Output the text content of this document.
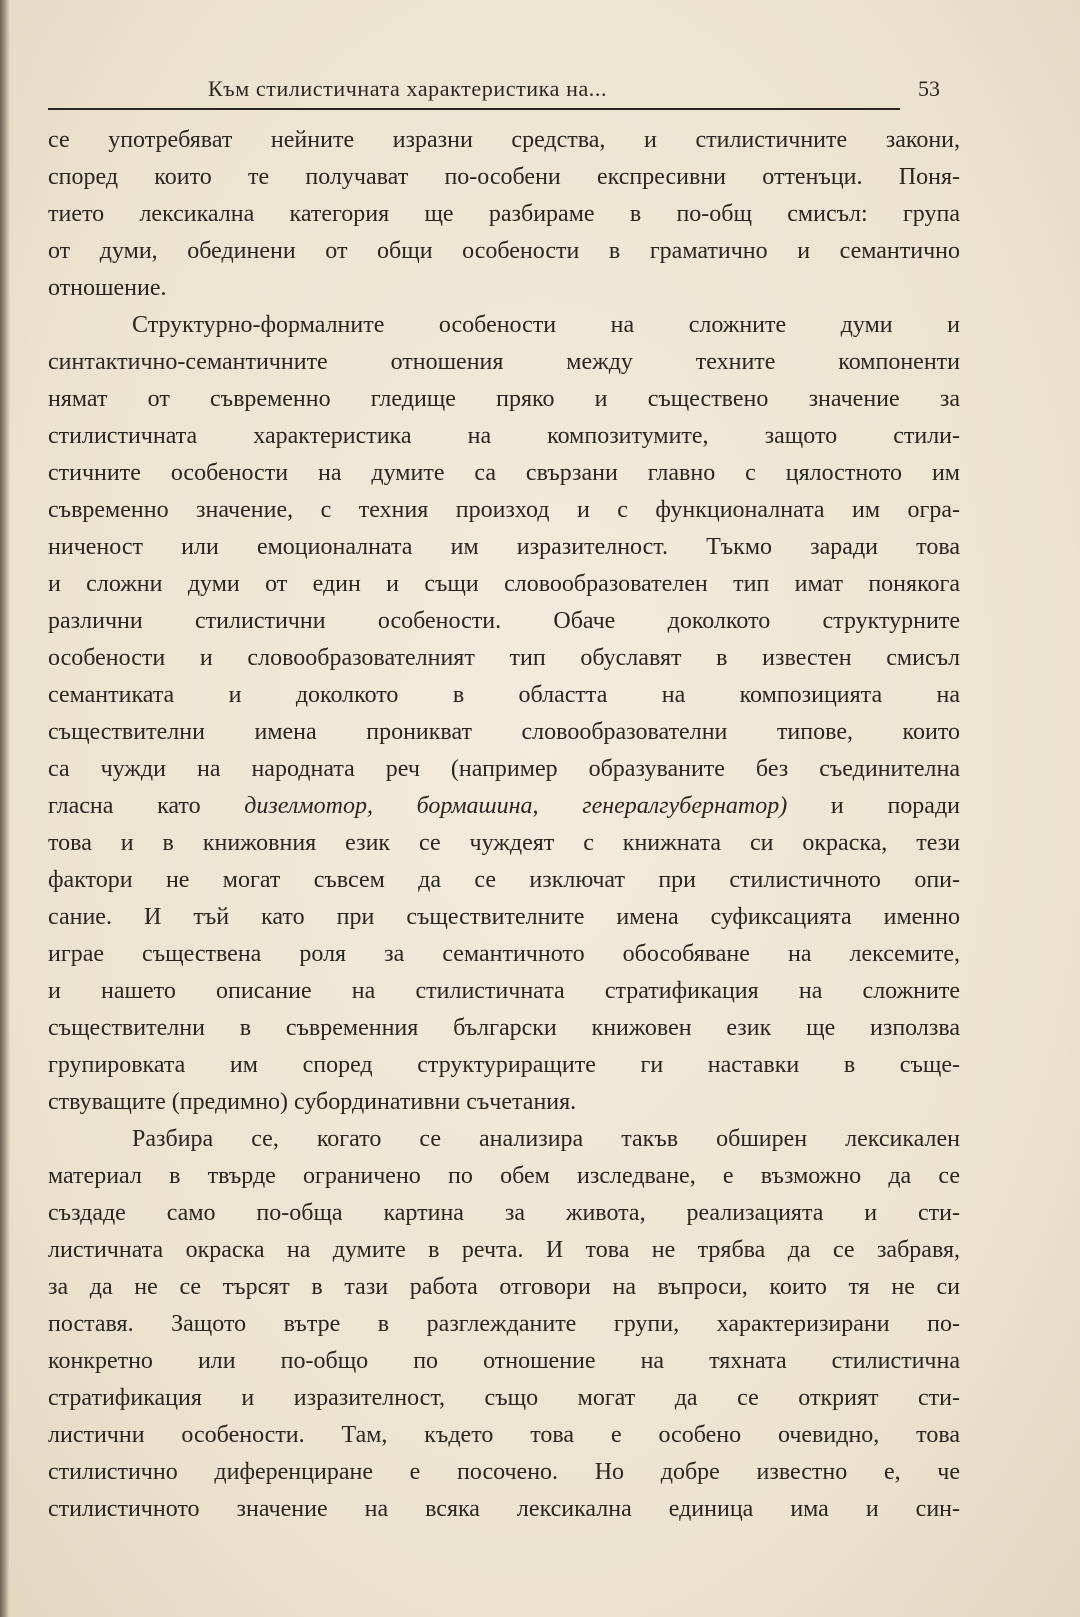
Към стилистичната характеристика на...	53
се употребяват нейните изразни средства, и стилистичните закони,
според които те получават по-особени експресивни оттенъци. Поня-
тието лексикална категория ще разбираме в по-общ смисъл: група
от думи, обединени от общи особености в граматично и семантично
отношение.
Структурно-формалните особености на сложните думи и
синтактично-семантичните отношения между техните компоненти
нямат от съвременно гледище пряко и съществено значение за
стилистичната характеристика на композитумите, защото стили-
стичните особености на думите са свързани главно с цялостното им
съвременно значение, с техния произход и с функционалната им огра-
ниченост или емоционалната им изразителност. Тъкмо заради това
и сложни думи от един и същи словообразователен тип имат понякога
различни стилистични особености. Обаче доколкото структурните
особености и словообразователният тип обуславят в известен смисъл
семантиката и доколкото в областта на композицията на
съществителни имена проникват словообразователни типове, които
са чужди на народната реч (например образуваните без съединителна
гласна като дизелмотор, бормашина, генералгубернатор) и поради
това и в книжовния език се чуждеят с книжната си окраска, тези
фактори не могат съвсем да се изключат при стилистичното опи-
сание. И тъй като при съществителните имена суфиксацията именно
играе съществена роля за семантичното обособяване на лексемите,
и нашето описание на стилистичната стратификация на сложните
съществителни в съвременния български книжовен език ще използва
групировката им според структуриращите ги наставки в съще-
ствуващите (предимно) субординативни съчетания.
Разбира се, когато се анализира такъв обширен лексикален
материал в твърде ограничено по обем изследване, е възможно да се
създаде само по-обща картина за живота, реализацията и сти-
листичната окраска на думите в речта. И това не трябва да се забравя,
за да не се търсят в тази работа отговори на въпроси, които тя не си
поставя. Защото вътре в разглежданите групи, характеризирани по-
конкретно или по-общо по отношение на тяхната стилистична
стратификация и изразителност, също могат да се открият сти-
листични особености. Там, където това е особено очевидно, това
стилистично диференциране е посочено. Но добре известно е, че
стилистичното значение на всяка лексикална единица има и син-
